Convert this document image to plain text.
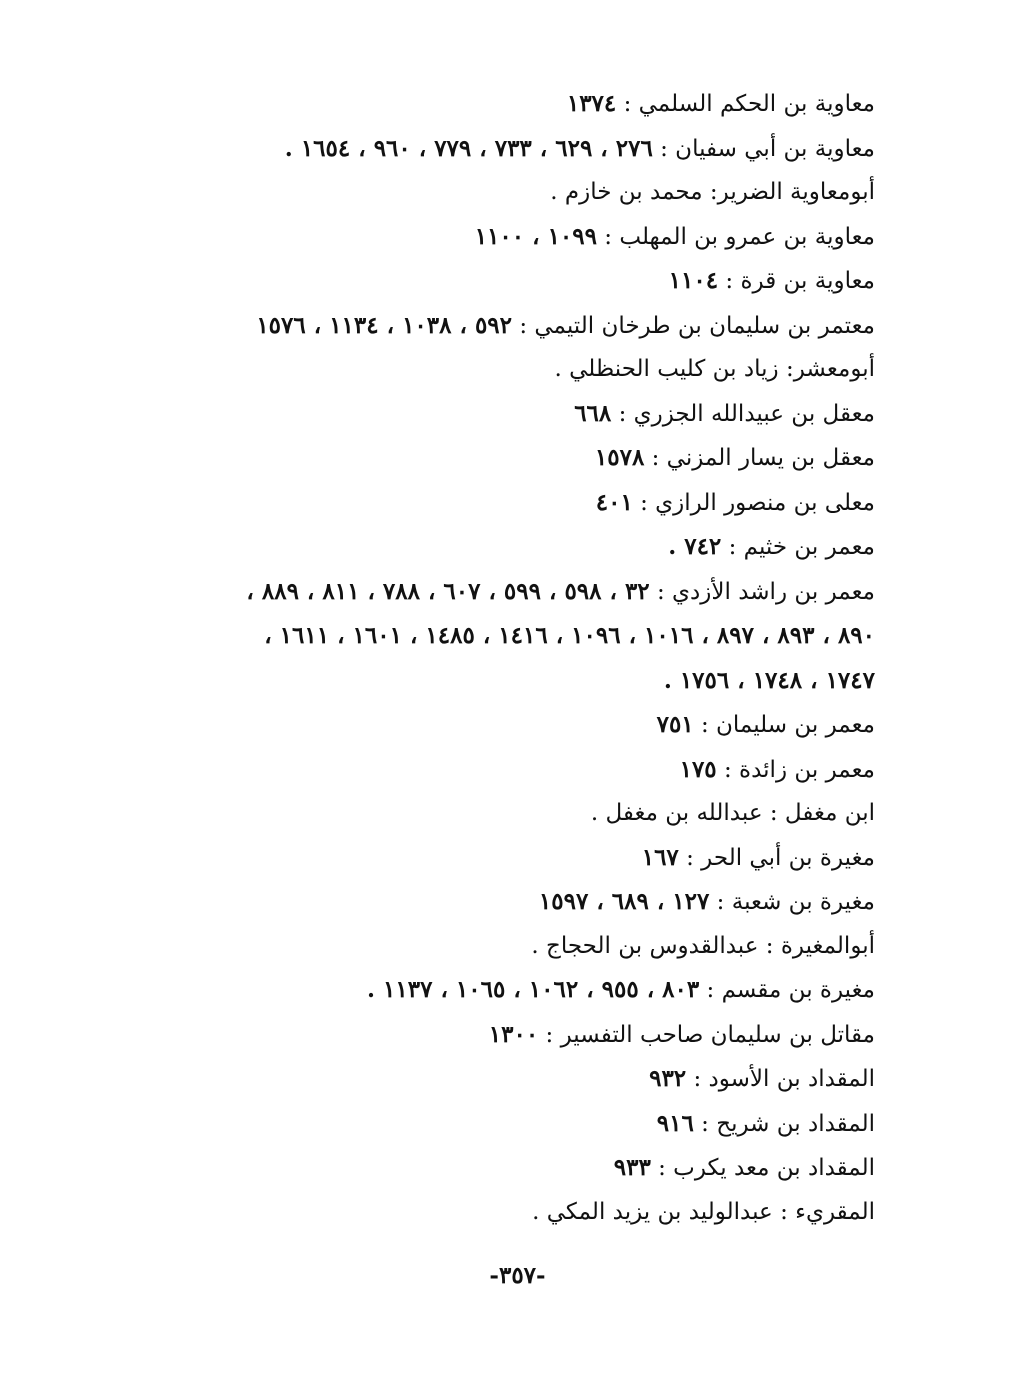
معاوية بن الحكم السلمي : ١٣٧٤
معاوية بن أبي سفيان : ٢٧٦ ، ٦٢٩ ، ٧٣٣ ، ٧٧٩ ، ٩٦٠ ، ١٦٥٤ .
أبومعاوية الضرير: محمد بن خازم .
معاوية بن عمرو بن المهلب : ١٠٩٩ ، ١١٠٠
معاوية بن قرة : ١١٠٤
معتمر بن سليمان بن طرخان التيمي : ٥٩٢ ، ١٠٣٨ ، ١١٣٤ ، ١٥٧٦
أبومعشر: زياد بن كليب الحنظلي .
معقل بن عبيدالله الجزري : ٦٦٨
معقل بن يسار المزني : ١٥٧٨
معلى بن منصور الرازي : ٤٠١
معمر بن خثيم : ٧٤٢ .
معمر بن راشد الأزدي : ٣٢ ، ٥٩٨ ، ٥٩٩ ، ٦٠٧ ، ٧٨٨ ، ٨١١ ، ٨٨٩ ،
٨٩٠ ، ٨٩٣ ، ٨٩٧ ، ١٠١٦ ، ١٠٩٦ ، ١٤١٦ ، ١٤٨٥ ، ١٦٠١ ، ١٦١١ ،
١٧٤٧ ، ١٧٤٨ ، ١٧٥٦ .
معمر بن سليمان : ٧٥١
معمر بن زائدة : ١٧٥
ابن مغفل : عبدالله بن مغفل .
مغيرة بن أبي الحر : ١٦٧
مغيرة بن شعبة : ١٢٧ ، ٦٨٩ ، ١٥٩٧
أبوالمغيرة : عبدالقدوس بن الحجاج .
مغيرة بن مقسم : ٨٠٣ ، ٩٥٥ ، ١٠٦٢ ، ١٠٦٥ ، ١١٣٧ .
مقاتل بن سليمان صاحب التفسير : ١٣٠٠
المقداد بن الأسود : ٩٣٢
المقداد بن شريح : ٩١٦
المقداد بن معد يكرب : ٩٣٣
المقريء : عبدالوليد بن يزيد المكي .
-٣٥٧-
